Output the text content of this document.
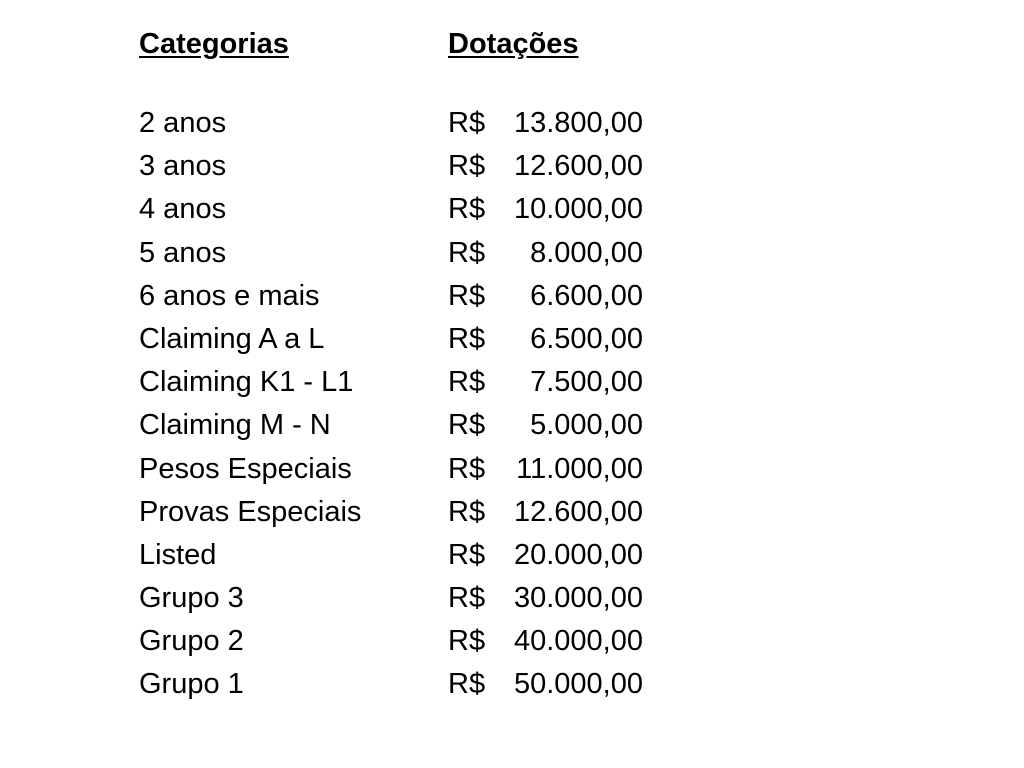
Categorias	Dotações
2 anos	R$ 13.800,00
3 anos	R$ 12.600,00
4 anos	R$ 10.000,00
5 anos	R$	8.000,00
6 anos e mais	R$	6.600,00
Claiming A a L	R$	6.500,00
Claiming K1 - L1	R$	7.500,00
Claiming M - N	R$	5.000,00
Pesos Especiais	R$	11.000,00
Provas Especiais	R$ 12.600,00
Listed	R$ 20.000,00
Grupo 3	R$ 30.000,00
Grupo 2	R$ 40.000,00
Grupo 1	R$ 50.000,00
